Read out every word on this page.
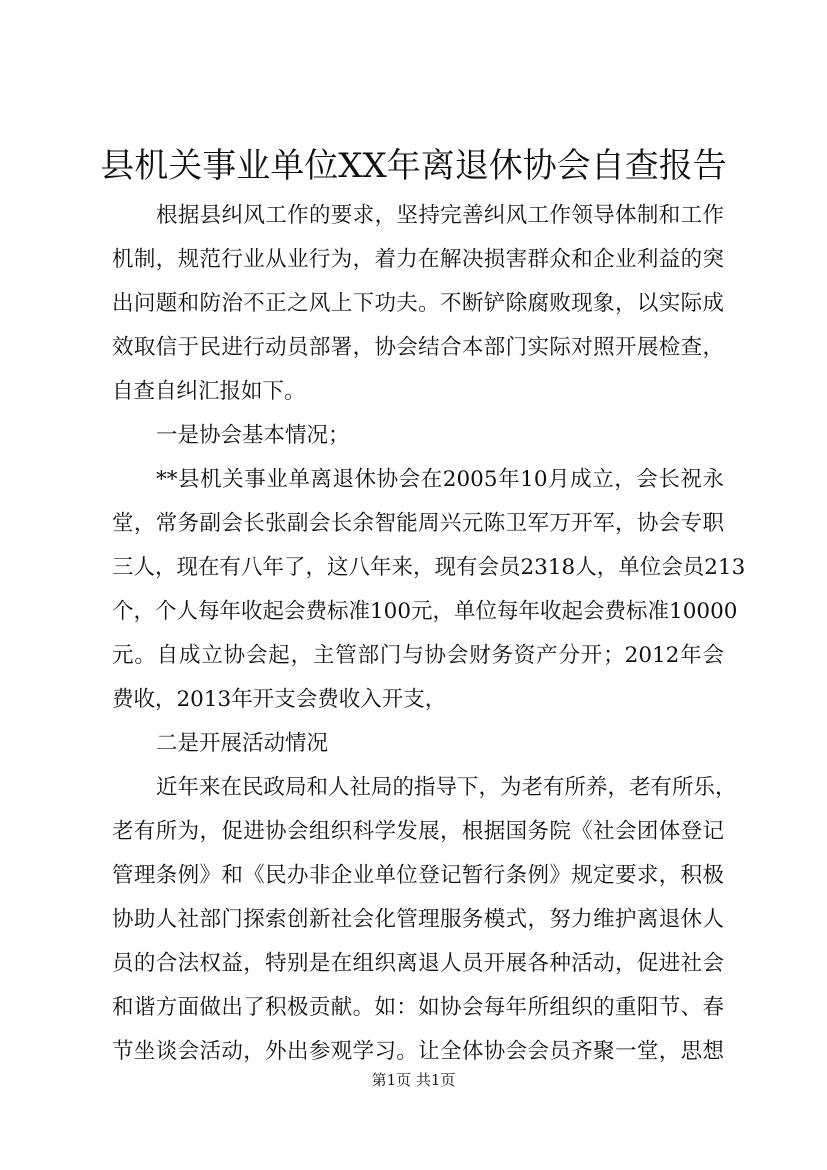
县机关事业单位XX年离退休协会自查报告
根据县纠风工作的要求，坚持完善纠风工作领导体制和工作
机制，规范行业从业行为，着力在解决损害群众和企业利益的突
出问题和防治不正之风上下功夫。不断铲除腐败现象，以实际成
效取信于民进行动员部署，协会结合本部门实际对照开展检查，
自查自纠汇报如下。
一是协会基本情况；
**县机关事业单离退休协会在2005年10月成立，会长祝永
堂，常务副会长张副会长余智能周兴元陈卫军万开军，协会专职
三人，现在有八年了，这八年来，现有会员2318人，单位会员213
个，个人每年收起会费标准100元，单位每年收起会费标准10000
元。自成立协会起，主管部门与协会财务资产分开；2012年会
费收，2013年开支会费收入开支，
二是开展活动情况
近年来在民政局和人社局的指导下，为老有所养，老有所乐，
老有所为，促进协会组织科学发展，根据国务院《社会团体登记
管理条例》和《民办非企业单位登记暂行条例》规定要求，积极
协助人社部门探索创新社会化管理服务模式，努力维护离退休人
员的合法权益，特别是在组织离退人员开展各种活动，促进社会
和谐方面做出了积极贡献。如：如协会每年所组织的重阳节、春
节坐谈会活动，外出参观学习。让全体协会会员齐聚一堂，思想
第1页 共1页
